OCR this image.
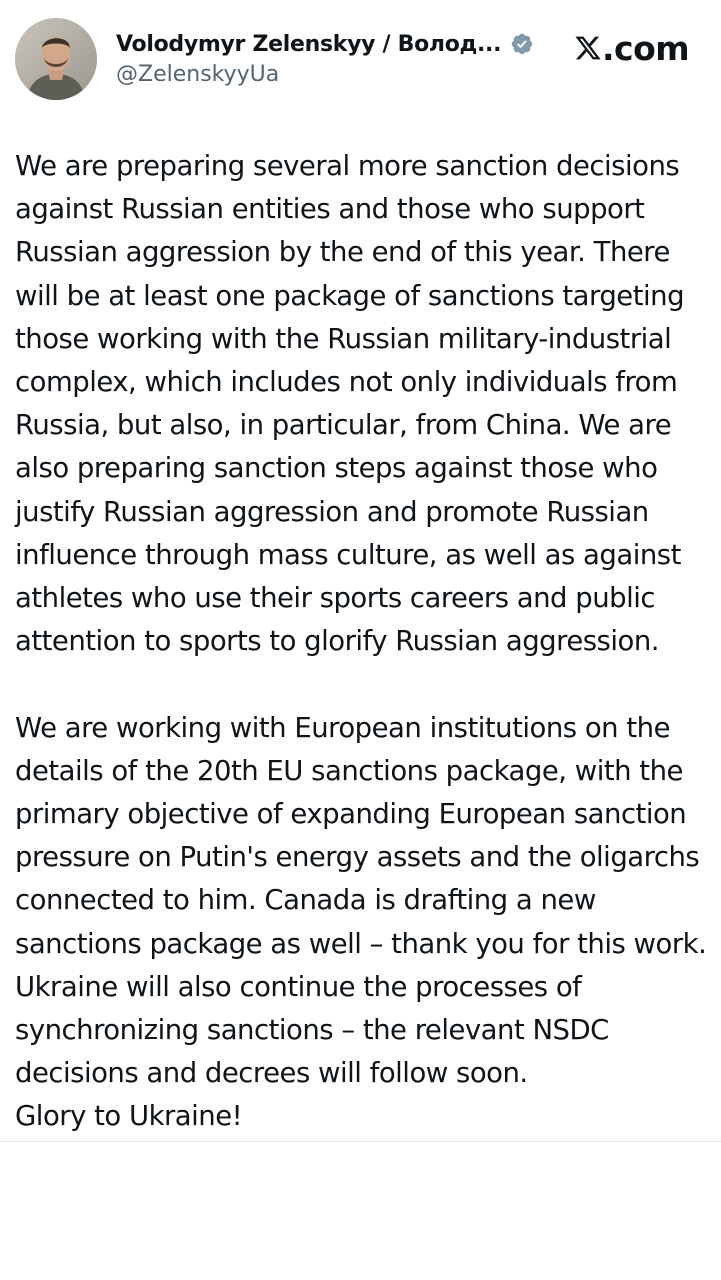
Volodymyr Zelenskyy / Волод...
@ZelenskyyUa
.com

We are preparing several more sanction decisions against Russian entities and those who support Russian aggression by the end of this year. There will be at least one package of sanctions targeting those working with the Russian military-industrial complex, which includes not only individuals from Russia, but also, in particular, from China. We are also preparing sanction steps against those who justify Russian aggression and promote Russian influence through mass culture, as well as against athletes who use their sports careers and public attention to sports to glorify Russian aggression.

We are working with European institutions on the details of the 20th EU sanctions package, with the primary objective of expanding European sanction pressure on Putin's energy assets and the oligarchs connected to him. Canada is drafting a new sanctions package as well – thank you for this work. Ukraine will also continue the processes of synchronizing sanctions – the relevant NSDC decisions and decrees will follow soon.

Glory to Ukraine!
